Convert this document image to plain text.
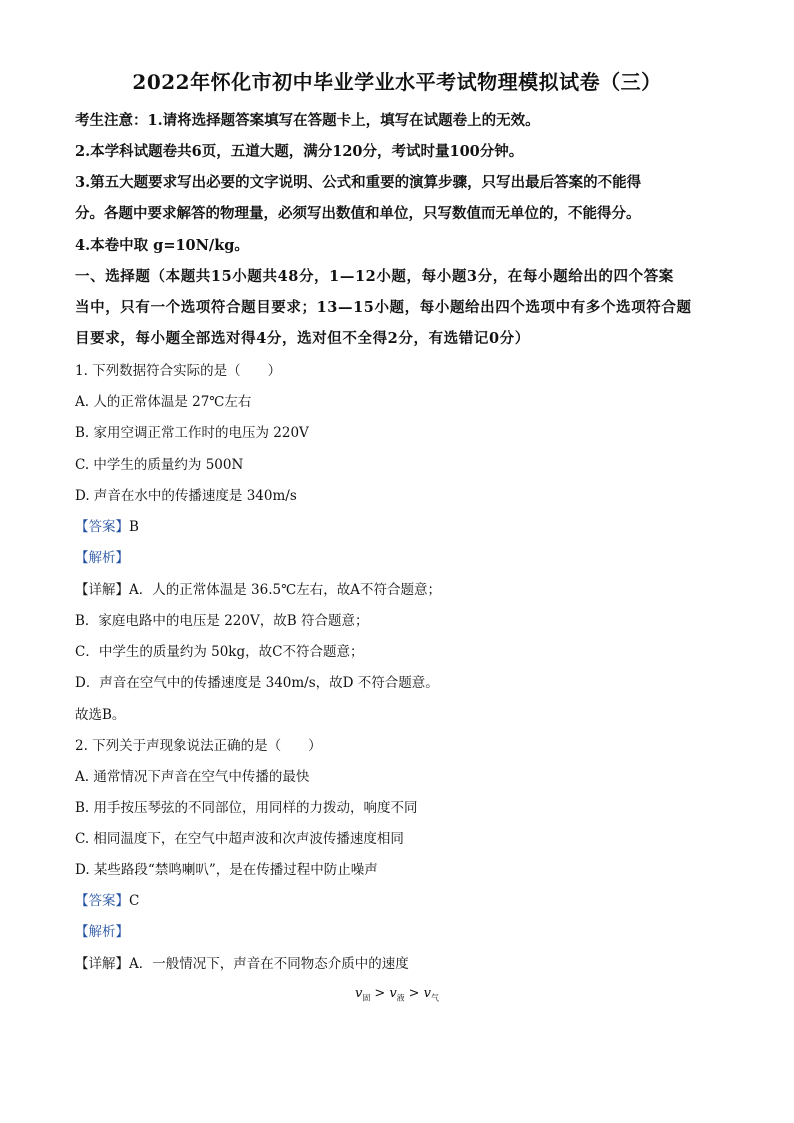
2022年怀化市初中毕业学业水平考试物理模拟试卷（三）
考生注意：1.请将选择题答案填写在答题卡上，填写在试题卷上的无效。
2.本学科试题卷共6页，五道大题，满分120分，考试时量100分钟。
3.第五大题要求写出必要的文字说明、公式和重要的演算步骤，只写出最后答案的不能得
分。各题中要求解答的物理量，必须写出数值和单位，只写数值而无单位的，不能得分。
4.本卷中取 g=10N/kg。
一、选择题（本题共15小题共48分，1—12小题，每小题3分，在每小题给出的四个答案
当中，只有一个选项符合题目要求；13—15小题，每小题给出四个选项中有多个选项符合题
目要求，每小题全部选对得4分，选对但不全得2分，有选错记0分）
1. 下列数据符合实际的是（　　）
A. 人的正常体温是 27℃左右
B. 家用空调正常工作时的电压为 220V
C. 中学生的质量约为 500N
D. 声音在水中的传播速度是 340m/s
【答案】B
【解析】
【详解】A．人的正常体温是 36.5℃左右，故A不符合题意；
B．家庭电路中的电压是 220V，故B 符合题意；
C．中学生的质量约为 50kg，故C不符合题意；
D．声音在空气中的传播速度是 340m/s，故D 不符合题意。
故选B。
2. 下列关于声现象说法正确的是（　　）
A. 通常情况下声音在空气中传播的最快
B. 用手按压琴弦的不同部位，用同样的力拨动，响度不同
C. 相同温度下，在空气中超声波和次声波传播速度相同
D. 某些路段“禁鸣喇叭”，是在传播过程中防止噪声
【答案】C
【解析】
【详解】A．一般情况下，声音在不同物态介质中的速度
$v_固 > v_液 > v_气$
